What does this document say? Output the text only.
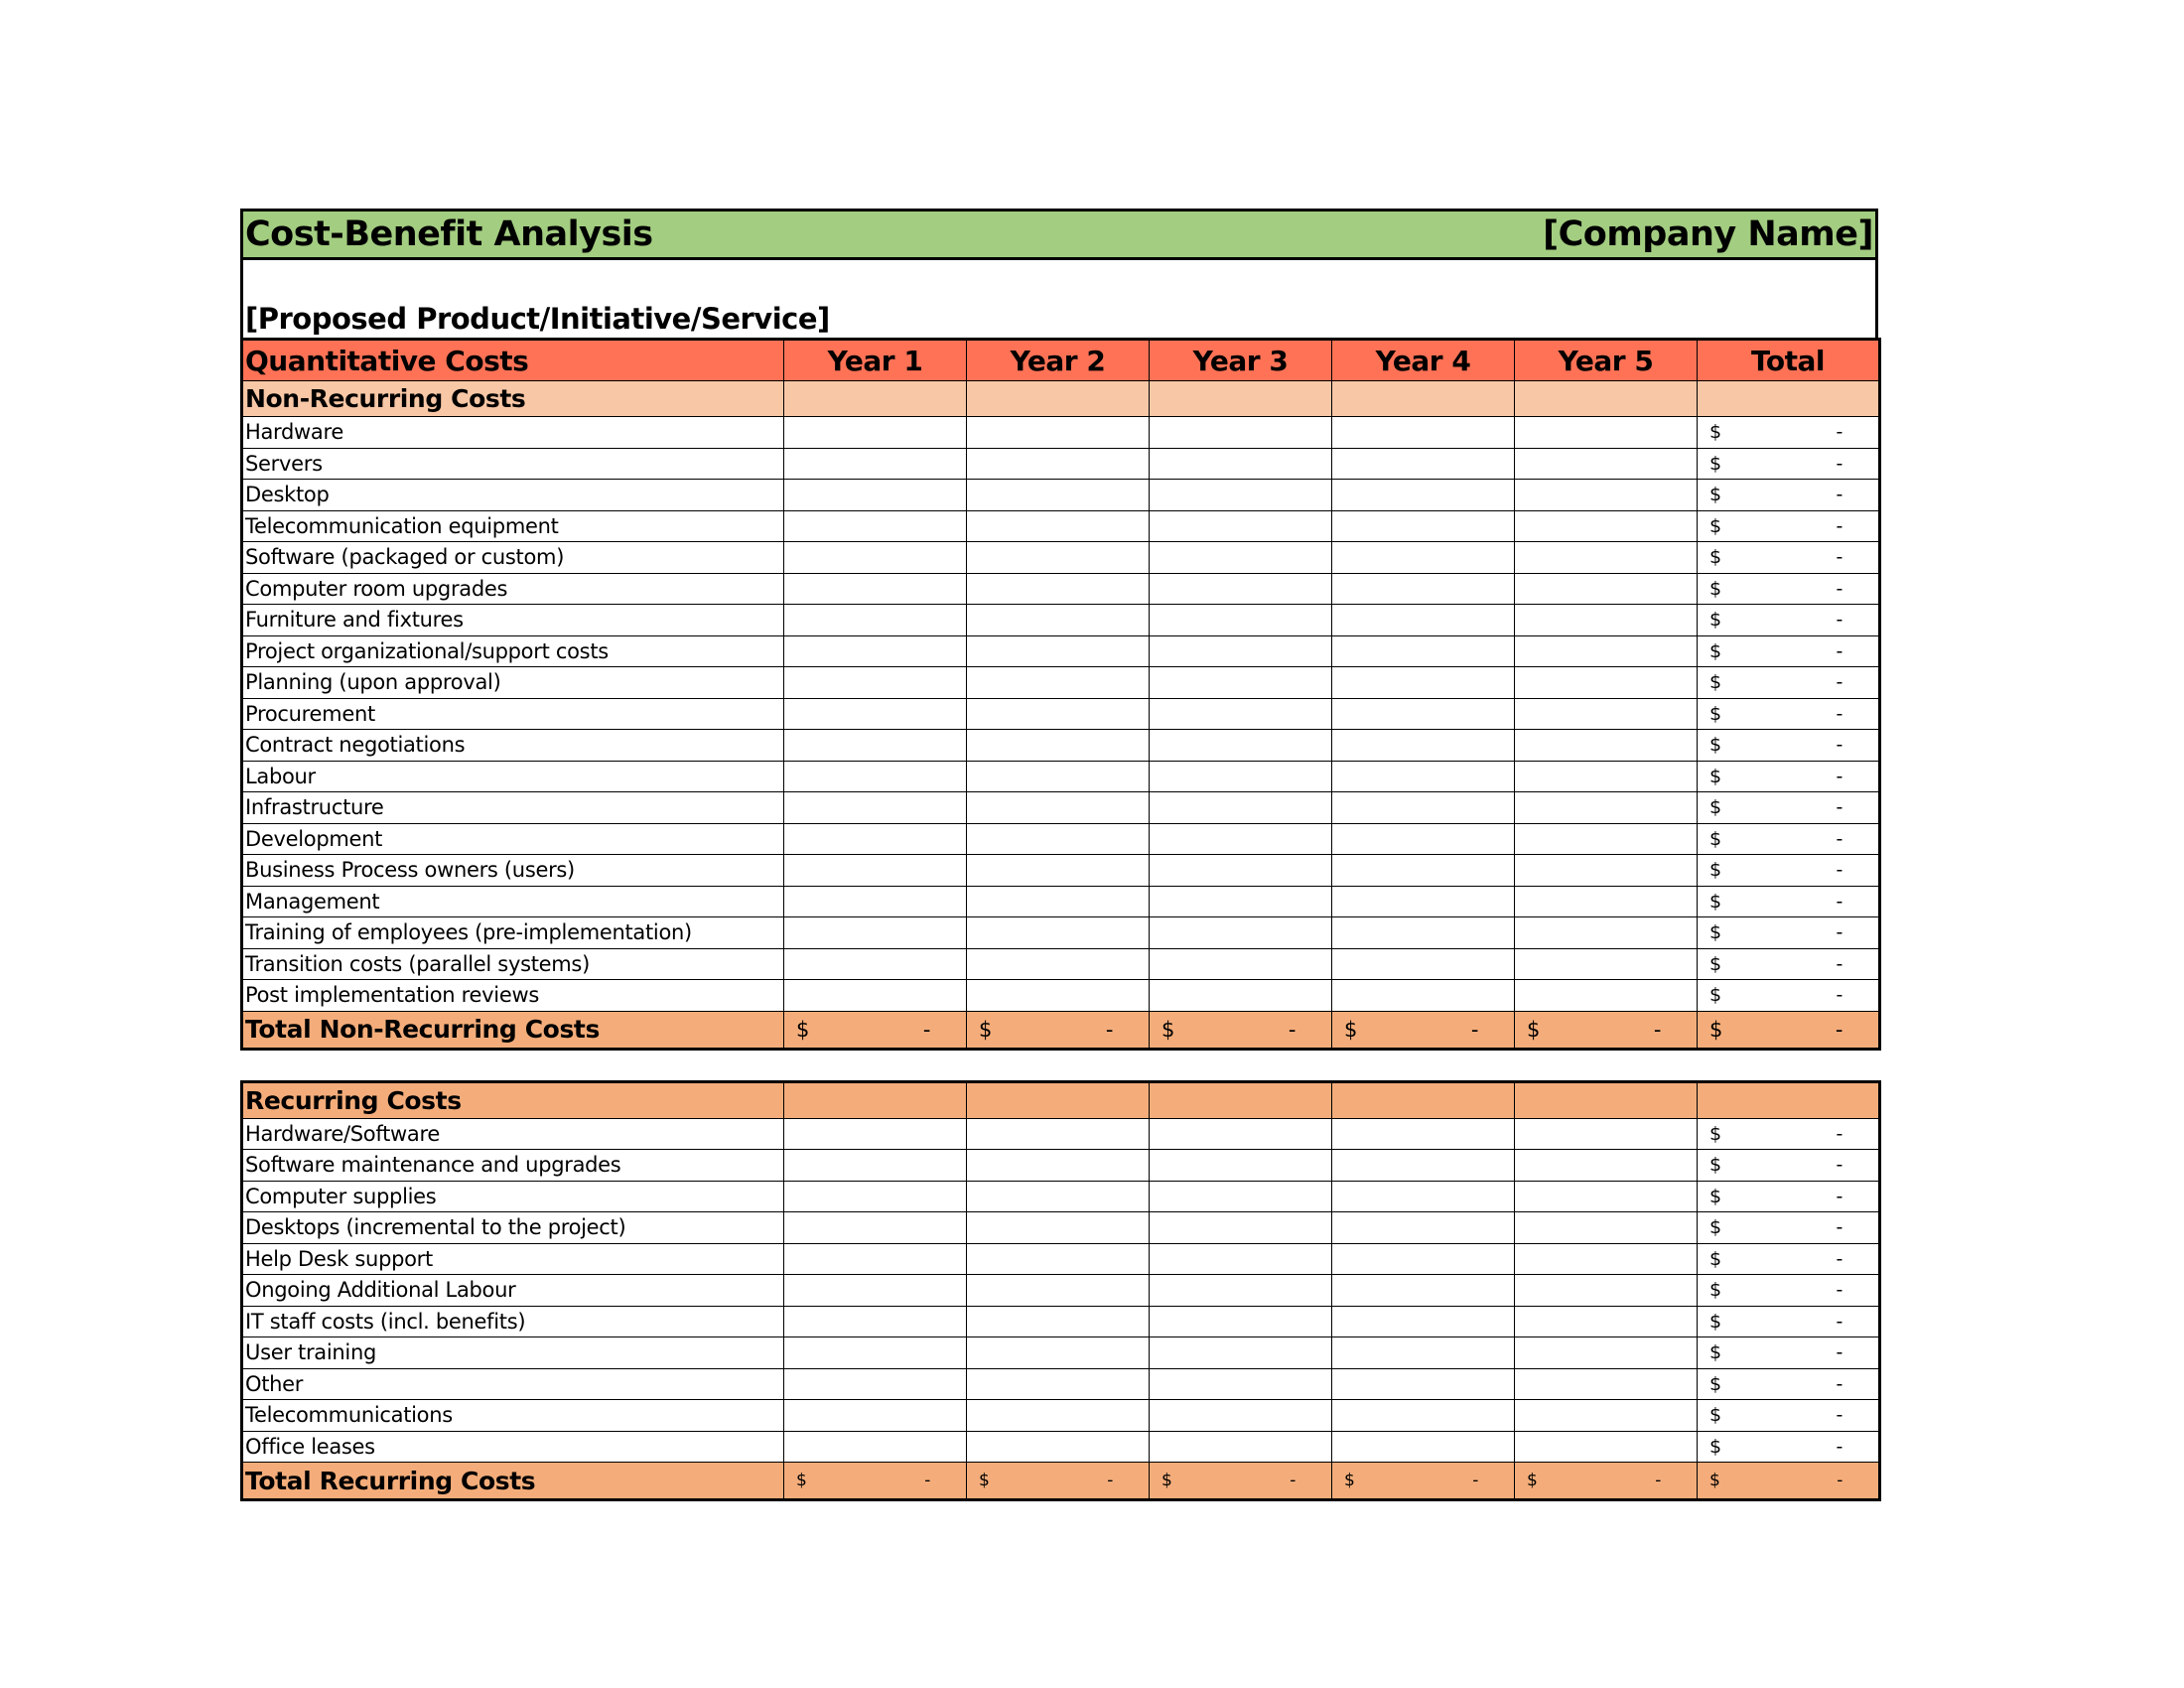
Cost-Benefit Analysis	[Company Name]
[Proposed Product/Initiative/Service]
Quantitative Costs	Year 1	Year 2	Year 3	Year 4	Year 5	Total
Non-Recurring Costs						
Hardware						$ -

Servers						$ -

Desktop						$ -

Telecommunication equipment						$ -

Software (packaged or custom)						$ -

Computer room upgrades						$ -

Furniture and fixtures						$ -

Project organizational/support costs						$ -

Planning (upon approval)						$ -

Procurement						$ -

Contract negotiations						$ -

Labour						$ -

Infrastructure						$ -

Development						$ -

Business Process owners (users)						$ -

Management						$ -

Training of employees (pre-implementation)						$ -

Transition costs (parallel systems)						$ -

Post implementation reviews						$ -

Total Non-Recurring Costs	$ -	$ -	$ -	$ -	$ -	$ -
Recurring Costs						
Hardware/Software						$ -

Software maintenance and upgrades						$ -

Computer supplies						$ -

Desktops (incremental to the project)						$ -

Help Desk support						$ -

Ongoing Additional Labour						$ -

IT staff costs (incl. benefits)						$ -

User training						$ -

Other						$ -

Telecommunications						$ -

Office leases						$ -

Total Recurring Costs	$ -	$ -	$ -	$ -	$ -	$ -
